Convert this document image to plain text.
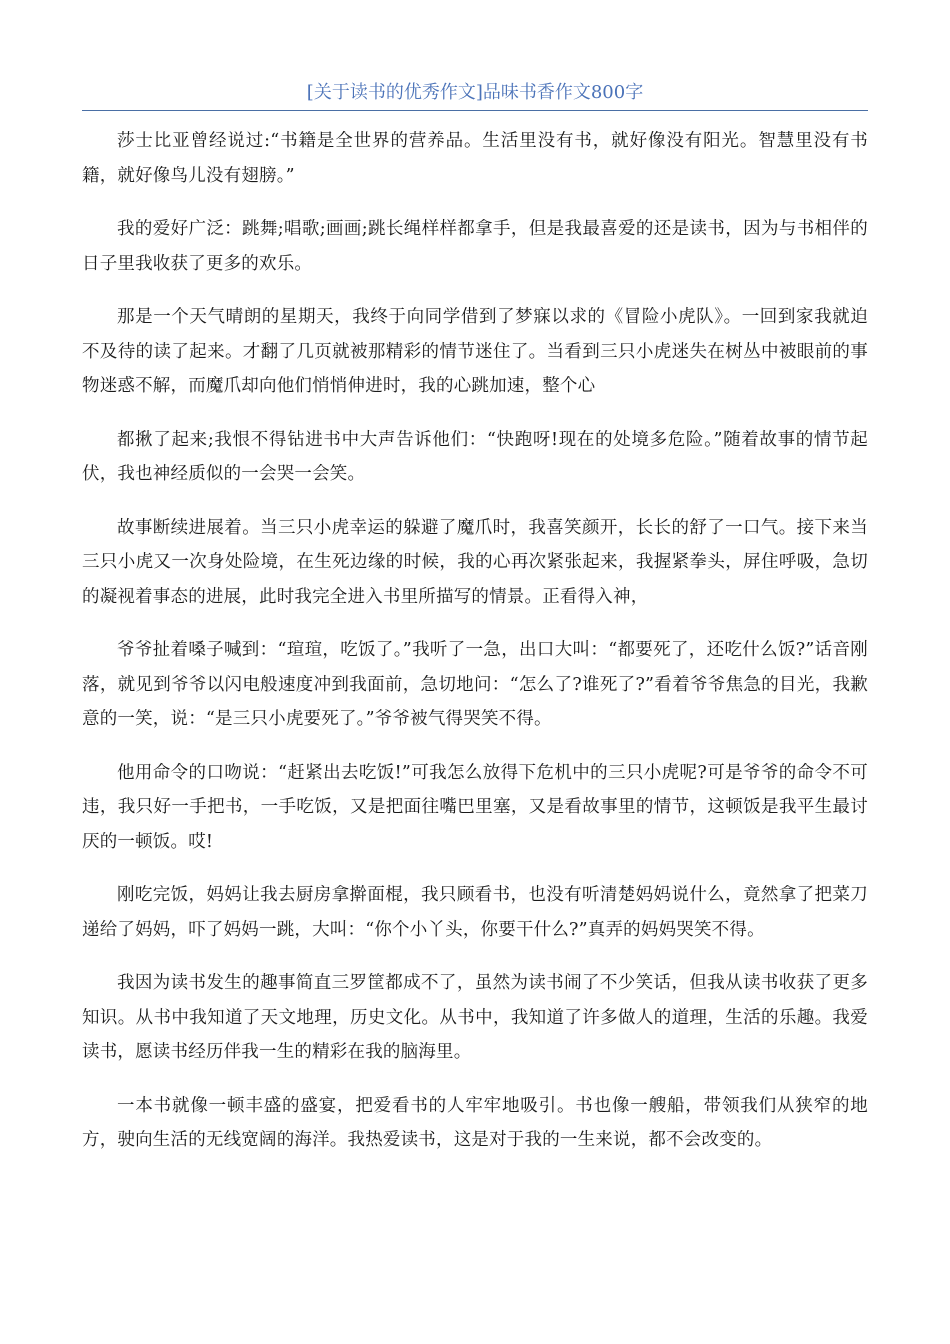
[关于读书的优秀作文]品味书香作文800字

莎士比亚曾经说过:“书籍是全世界的营养品。生活里没有书，就好像没有阳光。智慧里没有书籍，就好像鸟儿没有翅膀。”

我的爱好广泛：跳舞;唱歌;画画;跳长绳样样都拿手，但是我最喜爱的还是读书，因为与书相伴的日子里我收获了更多的欢乐。

那是一个天气晴朗的星期天，我终于向同学借到了梦寐以求的《冒险小虎队》。一回到家我就迫不及待的读了起来。才翻了几页就被那精彩的情节迷住了。当看到三只小虎迷失在树丛中被眼前的事物迷惑不解，而魔爪却向他们悄悄伸进时，我的心跳加速，整个心

都揪了起来;我恨不得钻进书中大声告诉他们：“快跑呀!现在的处境多危险。”随着故事的情节起伏，我也神经质似的一会哭一会笑。

故事断续进展着。当三只小虎幸运的躲避了魔爪时，我喜笑颜开，长长的舒了一口气。接下来当三只小虎又一次身处险境，在生死边缘的时候，我的心再次紧张起来，我握紧拳头，屏住呼吸，急切的凝视着事态的进展，此时我完全进入书里所描写的情景。正看得入神，

爷爷扯着嗓子喊到：“瑄瑄，吃饭了。”我听了一急，出口大叫：“都要死了，还吃什么饭?”话音刚落，就见到爷爷以闪电般速度冲到我面前，急切地问：“怎么了?谁死了?”看着爷爷焦急的目光，我歉意的一笑，说：“是三只小虎要死了。”爷爷被气得哭笑不得。

他用命令的口吻说：“赶紧出去吃饭!”可我怎么放得下危机中的三只小虎呢?可是爷爷的命令不可违，我只好一手把书，一手吃饭，又是把面往嘴巴里塞，又是看故事里的情节，这顿饭是我平生最讨厌的一顿饭。哎!

刚吃完饭，妈妈让我去厨房拿擀面棍，我只顾看书，也没有听清楚妈妈说什么，竟然拿了把菜刀递给了妈妈，吓了妈妈一跳，大叫：“你个小丫头，你要干什么?”真弄的妈妈哭笑不得。

我因为读书发生的趣事简直三罗筐都成不了，虽然为读书闹了不少笑话，但我从读书收获了更多知识。从书中我知道了天文地理，历史文化。从书中，我知道了许多做人的道理，生活的乐趣。我爱读书，愿读书经历伴我一生的精彩在我的脑海里。

一本书就像一顿丰盛的盛宴，把爱看书的人牢牢地吸引。书也像一艘船，带领我们从狭窄的地方，驶向生活的无线宽阔的海洋。我热爱读书，这是对于我的一生来说，都不会改变的。
